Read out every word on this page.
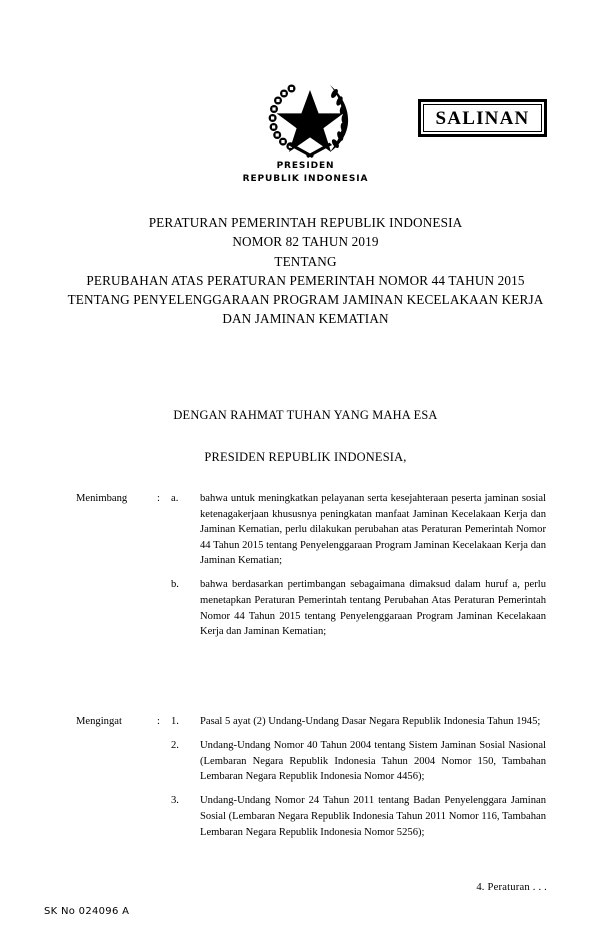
PRESIDEN
REPUBLIK INDONESIA
SALINAN
PERATURAN PEMERINTAH REPUBLIK INDONESIA
NOMOR 82 TAHUN 2019
TENTANG
PERUBAHAN ATAS PERATURAN PEMERINTAH NOMOR 44 TAHUN 2015
TENTANG PENYELENGGARAAN PROGRAM JAMINAN KECELAKAAN KERJA
DAN JAMINAN KEMATIAN
DENGAN RAHMAT TUHAN YANG MAHA ESA
PRESIDEN REPUBLIK INDONESIA,
Menimbang	: a.	bahwa untuk meningkatkan pelayanan serta kesejahteraan peserta jaminan sosial ketenagakerjaan khususnya peningkatan manfaat Jaminan Kecelakaan Kerja dan Jaminan Kematian, perlu dilakukan perubahan atas Peraturan Pemerintah Nomor 44 Tahun 2015 tentang Penyelenggaraan Program Jaminan Kecelakaan Kerja dan Jaminan Kematian;
b.	bahwa berdasarkan pertimbangan sebagaimana dimaksud dalam huruf a, perlu menetapkan Peraturan Pemerintah tentang Perubahan Atas Peraturan Pemerintah Nomor 44 Tahun 2015 tentang Penyelenggaraan Program Jaminan Kecelakaan Kerja dan Jaminan Kematian;
Mengingat	: 1.	Pasal 5 ayat (2) Undang-Undang Dasar Negara Republik Indonesia Tahun 1945;
2.	Undang-Undang Nomor 40 Tahun 2004 tentang Sistem Jaminan Sosial Nasional (Lembaran Negara Republik Indonesia Tahun 2004 Nomor 150, Tambahan Lembaran Negara Republik Indonesia Nomor 4456);
3.	Undang-Undang Nomor 24 Tahun 2011 tentang Badan Penyelenggara Jaminan Sosial (Lembaran Negara Republik Indonesia Tahun 2011 Nomor 116, Tambahan Lembaran Negara Republik Indonesia Nomor 5256);
4. Peraturan . . .
SK No 024096 A
